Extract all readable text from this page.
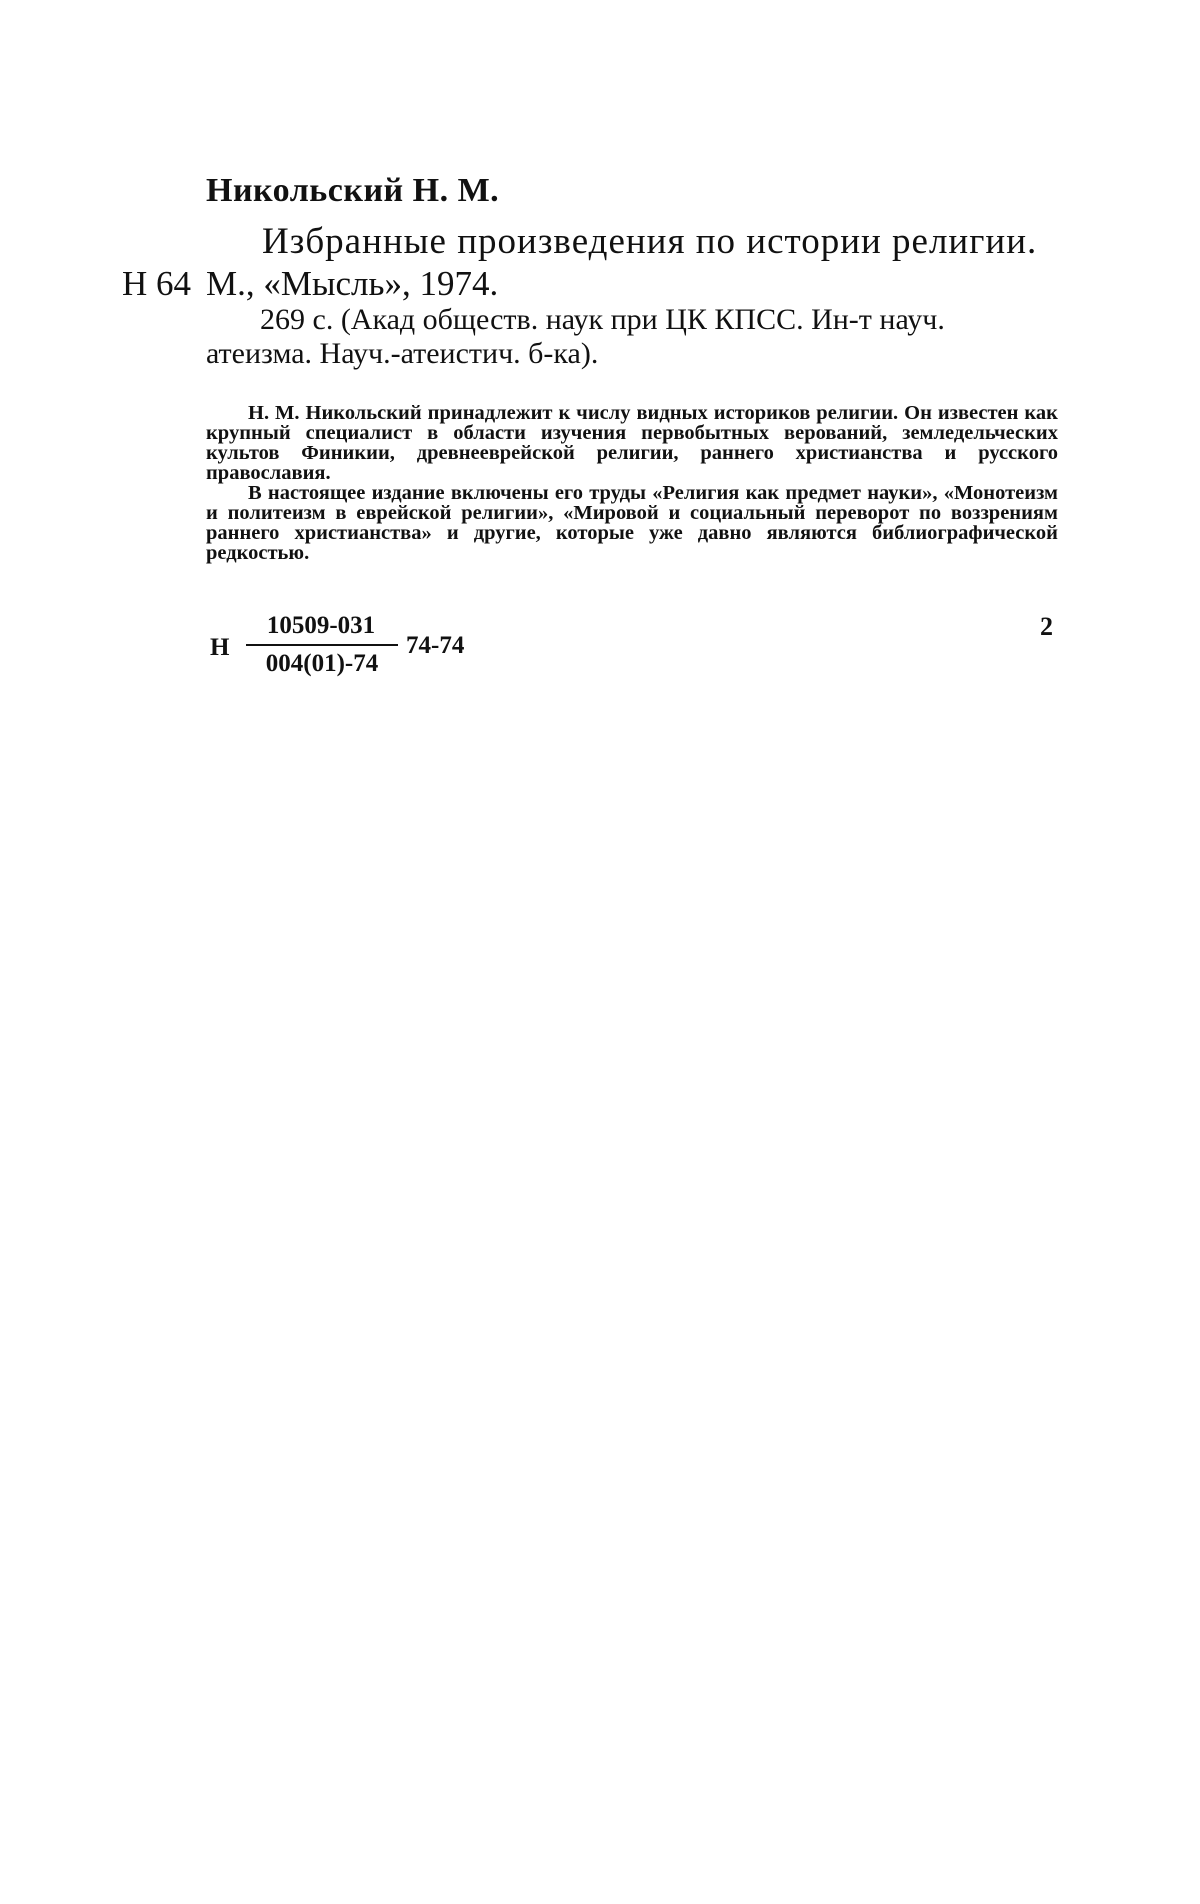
Никольский Н. М.
Избранные произведения по истории религии.
Н 64 М., «Мысль», 1974.
269 с. (Акад обществ. наук при ЦК КПСС. Ин-т науч.
атеизма. Науч.-атеистич. б-ка).

Н. М. Никольский принадлежит к числу видных историков религии. Он известен как крупный специалист в области изучения первобытных верований, земледельческих культов Финикии, древнееврейской религии, раннего христианства и русского православия.

В настоящее издание включены его труды «Религия как предмет науки», «Монотеизм и политеизм в еврейской религии», «Мировой и социальный переворот по воззрениям раннего христианства» и другие, которые уже давно являются библиографической редкостью.

Н
10509-031
004(01)-74
74-74
2
